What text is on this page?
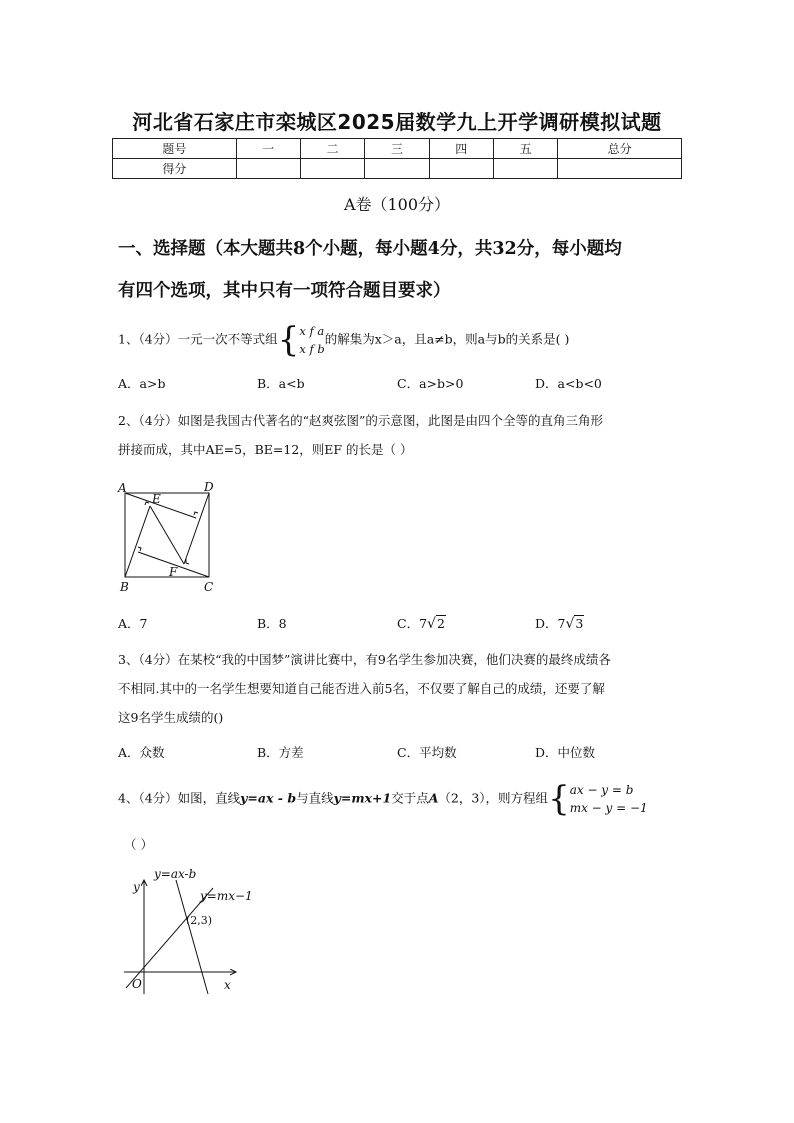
河北省石家庄市栾城区2025届数学九上开学调研模拟试题
题号	一	二	三	四	五	总分
得分						
A卷（100分）
一、选择题（本大题共8个小题，每小题4分，共32分，每小题均
有四个选项，其中只有一项符合题目要求）
1、（4分）一元一次不等式组{ x f a
x f b
的解集为x＞a，且a≠b，则a与b的关系是( )
A．a>b	B．a<b	C．a>b>0	D．a<b<0
2、（4分）如图是我国古代著名的“赵爽弦图”的示意图，此图是由四个全等的直角三角形
拼接而成，其中AE=5，BE=12，则EF 的长是（ ）
A	D
E
B	C
F
A．7	B．8	C．7√2	D．7√3
3、（4分）在某校“我的中国梦”演讲比赛中，有9名学生参加决赛，他们决赛的最终成绩各
不相同.其中的一名学生想要知道自己能否进入前5名，不仅要了解自己的成绩，还要了解
这9名学生成绩的()
A．众数	B．方差	C．平均数	D．中位数
4、（4分）如图，直线y=ax - b与直线y=mx+1交于点A（2，3），则方程组{ ax − y = b
mx − y = −1
（ ）
y=ax-b
y=mx−1
y
x
O
(2,3)
